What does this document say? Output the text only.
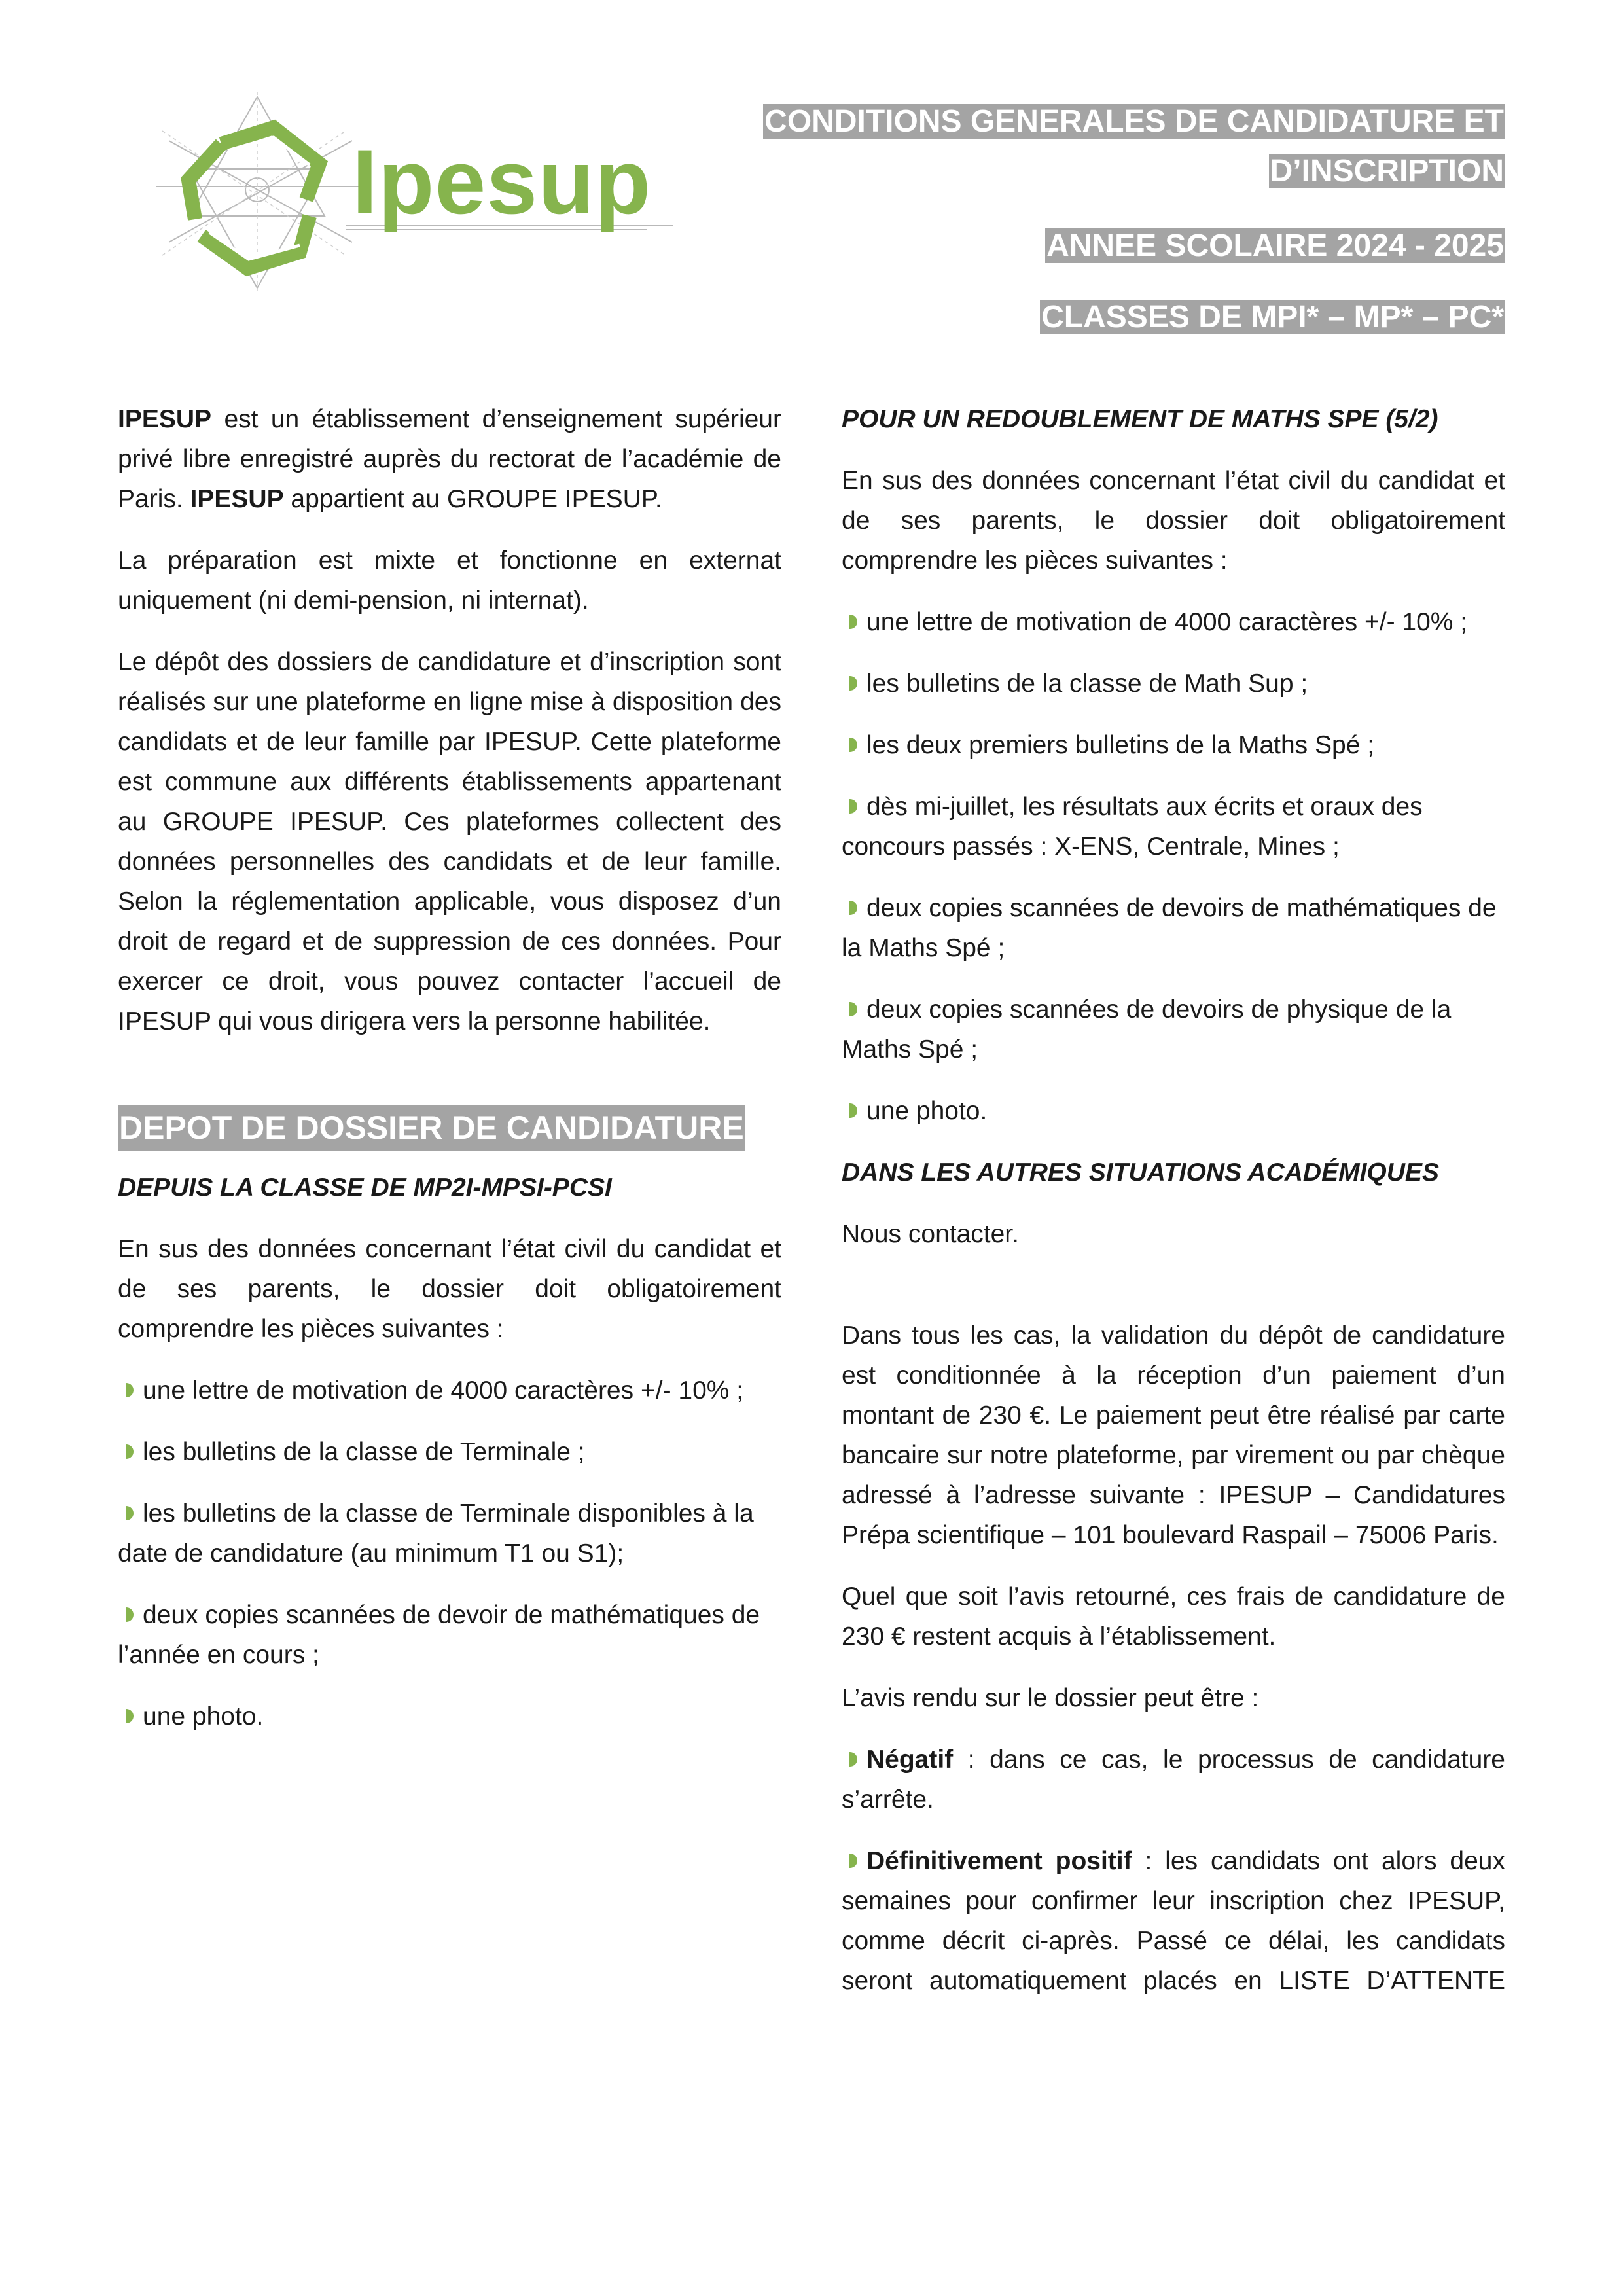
Ipesup
CONDITIONS GENERALES DE CANDIDATURE ET
D’INSCRIPTION
ANNEE SCOLAIRE 2024 - 2025
CLASSES DE MPI* – MP* – PC*

IPESUP est un établissement d’enseignement supérieur privé libre enregistré auprès du rectorat de l’académie de Paris. IPESUP appartient au GROUPE IPESUP.

La préparation est mixte et fonctionne en externat uniquement (ni demi-pension, ni internat).

Le dépôt des dossiers de candidature et d’inscription sont réalisés sur une plateforme en ligne mise à disposition des candidats et de leur famille par IPESUP. Cette plateforme est commune aux différents établissements appartenant au GROUPE IPESUP. Ces plateformes collectent des données personnelles des candidats et de leur famille. Selon la réglementation applicable, vous disposez d’un droit de regard et de suppression de ces données. Pour exercer ce droit, vous pouvez contacter l’accueil de IPESUP qui vous dirigera vers la personne habilitée.

DEPOT DE DOSSIER DE CANDIDATURE

DEPUIS LA CLASSE DE MP2I-MPSI-PCSI

En sus des données concernant l’état civil du candidat et de ses parents, le dossier doit obligatoirement comprendre les pièces suivantes :

une lettre de motivation de 4000 caractères +/- 10% ;

les bulletins de la classe de Terminale ;

les bulletins de la classe de Terminale disponibles à la date de candidature (au minimum T1 ou S1);

deux copies scannées de devoir de mathématiques de l’année en cours ;

une photo.

POUR UN REDOUBLEMENT DE MATHS SPE (5/2)

En sus des données concernant l’état civil du candidat et de ses parents, le dossier doit obligatoirement comprendre les pièces suivantes :

une lettre de motivation de 4000 caractères +/- 10% ;

les bulletins de la classe de Math Sup ;

les deux premiers bulletins de la Maths Spé ;

dès mi-juillet, les résultats aux écrits et oraux des concours passés : X-ENS, Centrale, Mines ;

deux copies scannées de devoirs de mathématiques de la Maths Spé ;

deux copies scannées de devoirs de physique de la Maths Spé ;

une photo.

DANS LES AUTRES SITUATIONS ACADÉMIQUES

Nous contacter.

Dans tous les cas, la validation du dépôt de candidature est conditionnée à la réception d’un paiement d’un montant de 230 €. Le paiement peut être réalisé par carte bancaire sur notre plateforme, par virement ou par chèque adressé à l’adresse suivante : IPESUP – Candidatures Prépa scientifique – 101 boulevard Raspail – 75006 Paris.

Quel que soit l’avis retourné, ces frais de candidature de 230 € restent acquis à l’établissement.

L’avis rendu sur le dossier peut être :

Négatif : dans ce cas, le processus de candidature s’arrête.

Définitivement positif : les candidats ont alors deux semaines pour confirmer leur inscription chez IPESUP, comme décrit ci-après. Passé ce délai, les candidats seront automatiquement placés en LISTE D’ATTENTE
